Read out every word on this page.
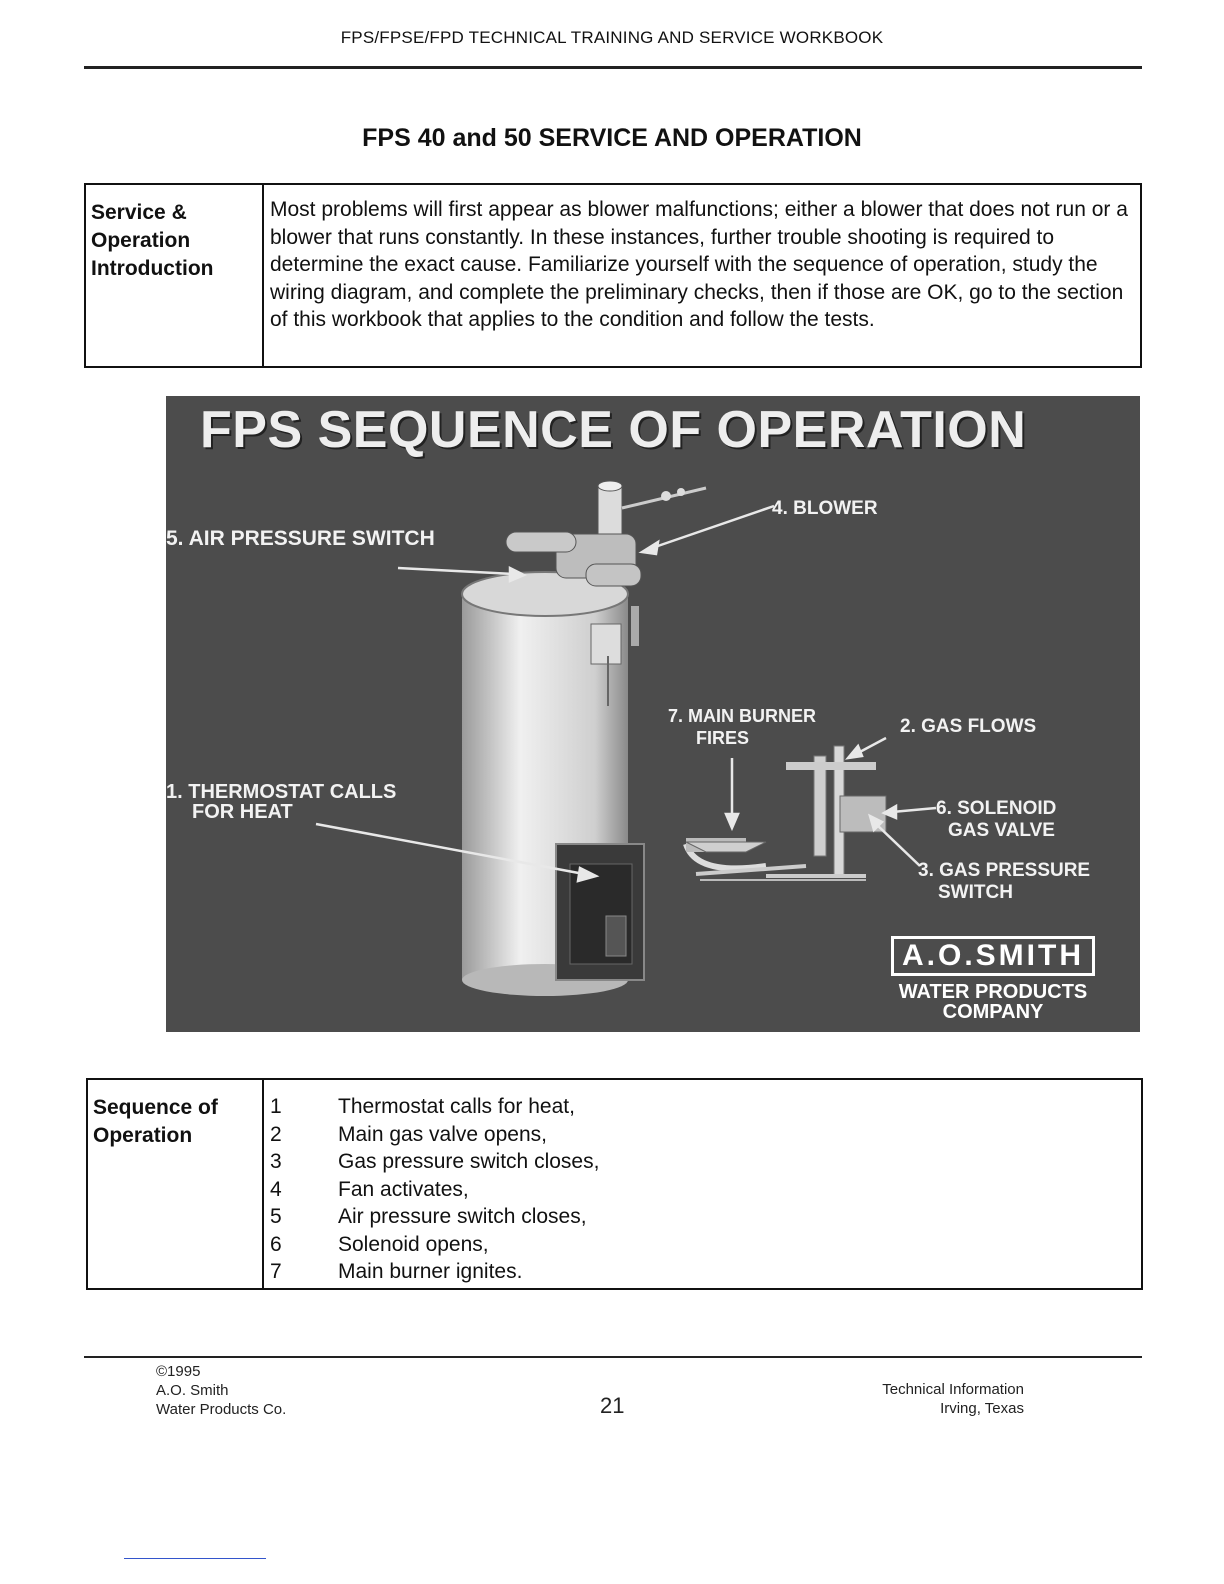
FPS/FPSE/FPD TECHNICAL TRAINING AND SERVICE WORKBOOK
FPS 40 and 50 SERVICE AND OPERATION
Service &
Operation
Introduction
Most problems will first appear as blower malfunctions; either a blower that does not run or a blower that runs constantly. In these instances, further trouble shooting is required to determine the exact cause. Familiarize yourself with the sequence of operation, study the wiring diagram, and complete the preliminary checks, then if those are OK, go to the section of this workbook that applies to the condition and follow the tests.
FPS SEQUENCE OF OPERATION
4. BLOWER
5. AIR PRESSURE SWITCH
7. MAIN BURNER
FIRES
2. GAS FLOWS
1. THERMOSTAT CALLS
FOR HEAT	6. SOLENOID
GAS VALVE
3. GAS PRESSURE
SWITCH
A.O.SMITH
WATER PRODUCTS
COMPANY
Sequence of
Operation
1	Thermostat calls for heat,
2	Main gas valve opens,
3	Gas pressure switch closes,
4	Fan activates,
5	Air pressure switch closes,
6	Solenoid opens,
7	Main burner ignites.
©1995
A.O. Smith
Water Products Co.	21
Technical Information
Irving, Texas
